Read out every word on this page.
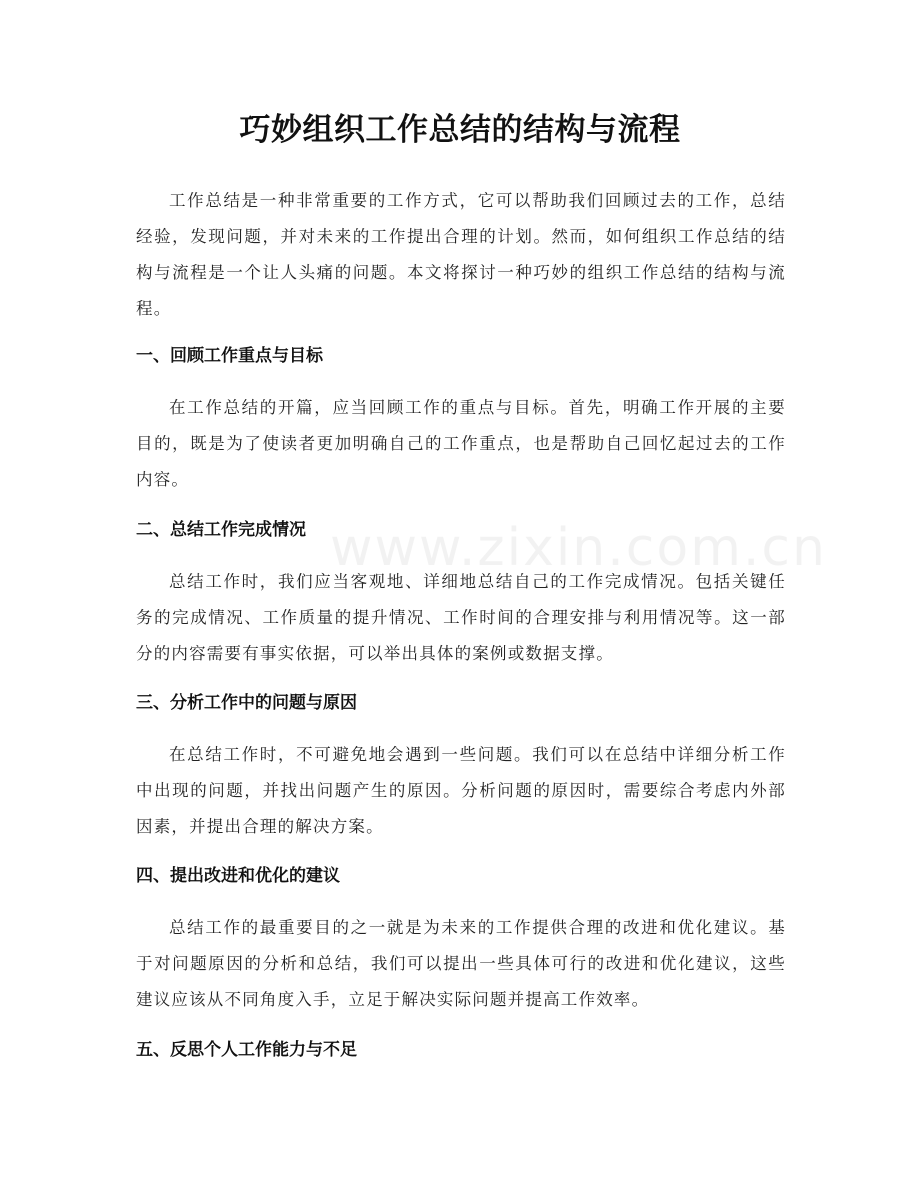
巧妙组织工作总结的结构与流程
工作总结是一种非常重要的工作方式，它可以帮助我们回顾过去的工作，总结经验，发现问题，并对未来的工作提出合理的计划。然而，如何组织工作总结的结构与流程是一个让人头痛的问题。本文将探讨一种巧妙的组织工作总结的结构与流程。
一、回顾工作重点与目标
在工作总结的开篇，应当回顾工作的重点与目标。首先，明确工作开展的主要目的，既是为了使读者更加明确自己的工作重点，也是帮助自己回忆起过去的工作内容。
二、总结工作完成情况
总结工作时，我们应当客观地、详细地总结自己的工作完成情况。包括关键任务的完成情况、工作质量的提升情况、工作时间的合理安排与利用情况等。这一部分的内容需要有事实依据，可以举出具体的案例或数据支撑。
三、分析工作中的问题与原因
在总结工作时，不可避免地会遇到一些问题。我们可以在总结中详细分析工作中出现的问题，并找出问题产生的原因。分析问题的原因时，需要综合考虑内外部因素，并提出合理的解决方案。
四、提出改进和优化的建议
总结工作的最重要目的之一就是为未来的工作提供合理的改进和优化建议。基于对问题原因的分析和总结，我们可以提出一些具体可行的改进和优化建议，这些建议应该从不同角度入手，立足于解决实际问题并提高工作效率。
五、反思个人工作能力与不足
www.zixin.com.cn
